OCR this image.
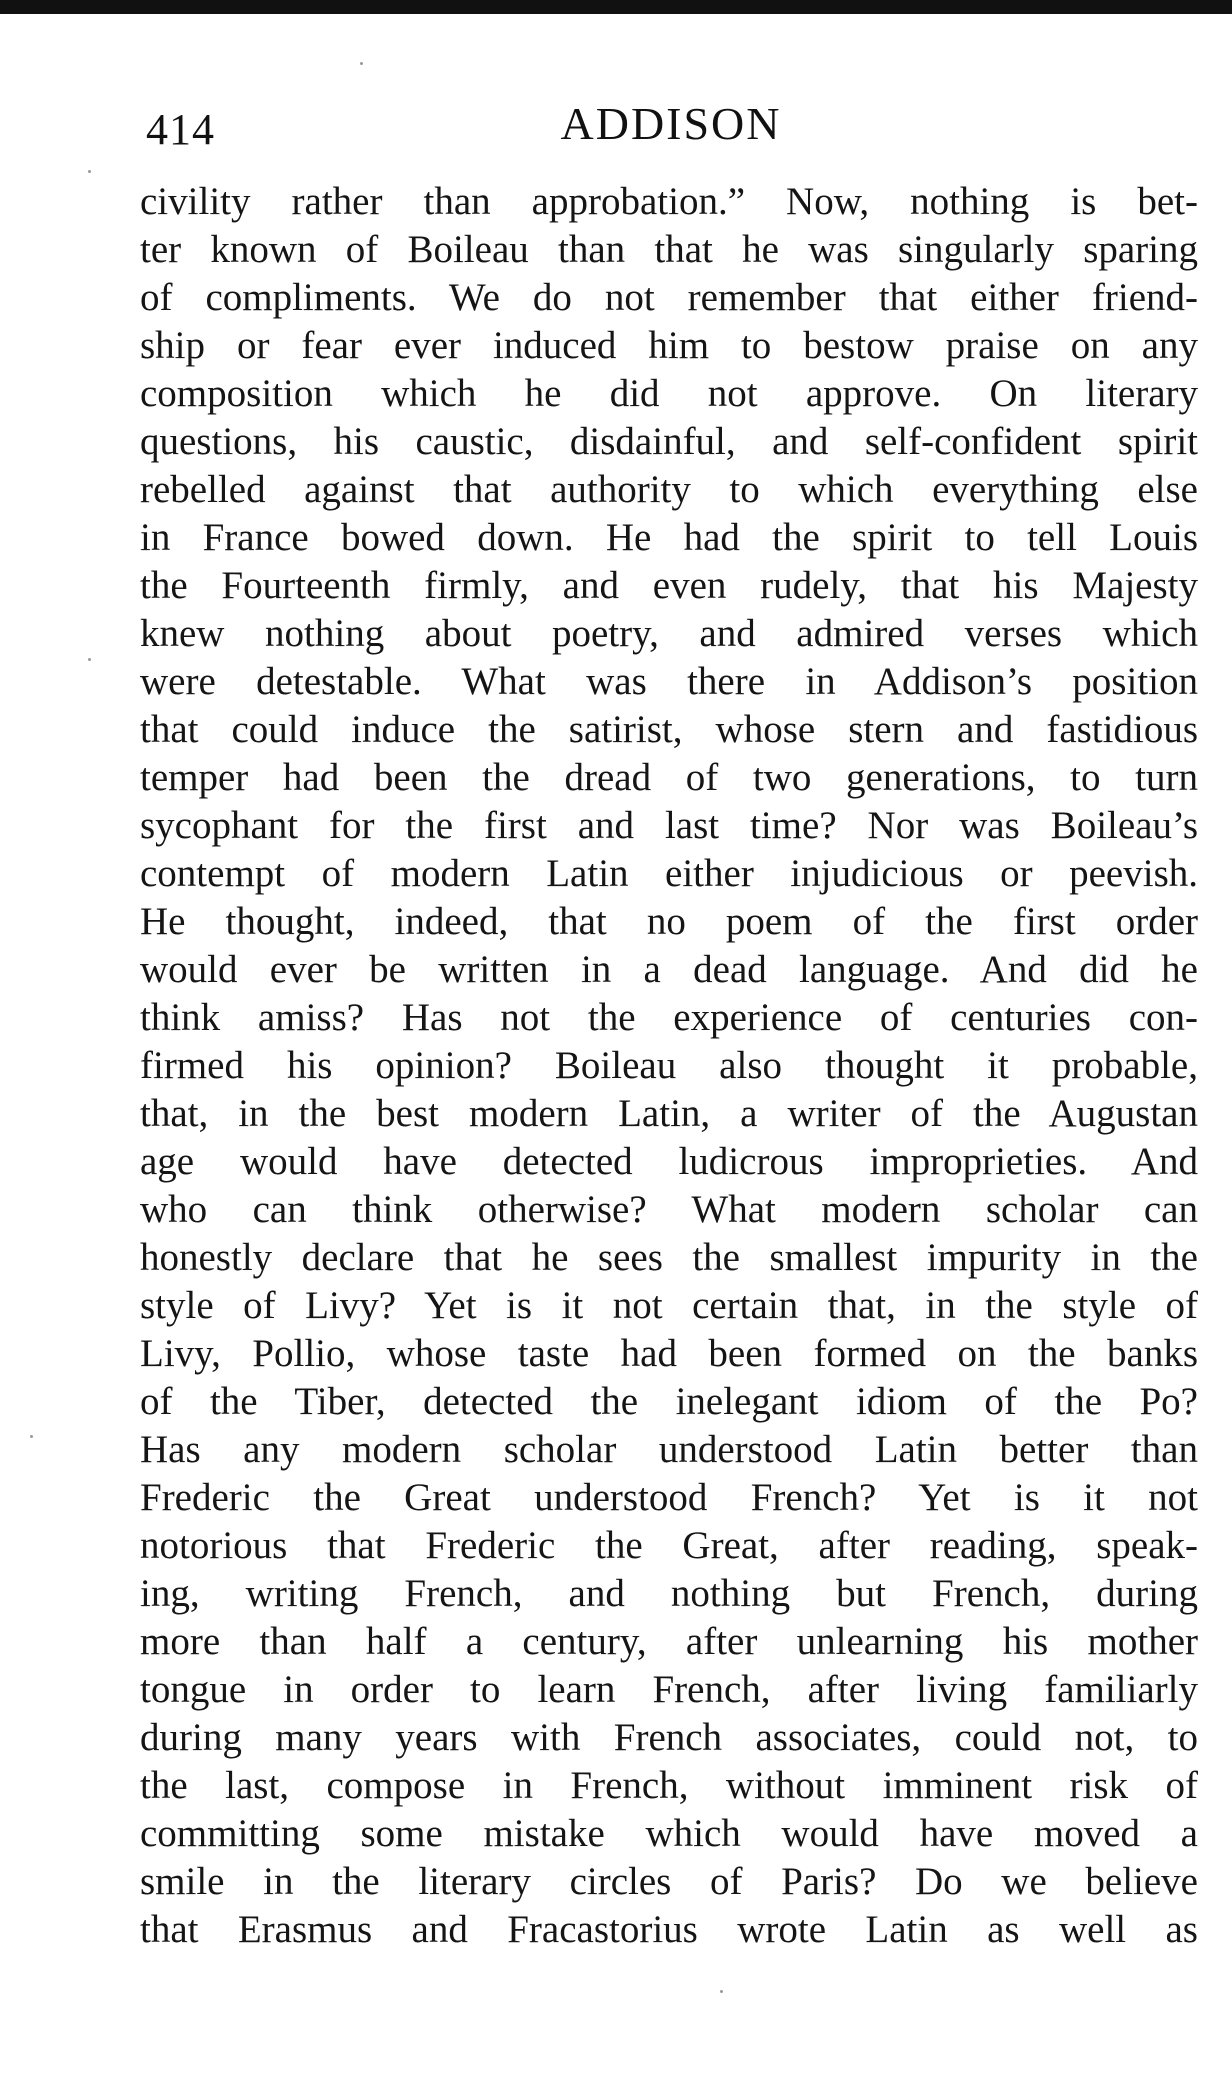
414	ADDISON
civility rather than approbation.” Now, nothing is bet-
ter known of Boileau than that he was singularly sparing
of compliments. We do not remember that either friend-
ship or fear ever induced him to bestow praise on any
composition which he did not approve. On literary
questions, his caustic, disdainful, and self-confident spirit
rebelled against that authority to which everything else
in France bowed down. He had the spirit to tell Louis
the Fourteenth firmly, and even rudely, that his Majesty
knew nothing about poetry, and admired verses which
were detestable. What was there in Addison’s position
that could induce the satirist, whose stern and fastidious
temper had been the dread of two generations, to turn
sycophant for the first and last time? Nor was Boileau’s
contempt of modern Latin either injudicious or peevish.
He thought, indeed, that no poem of the first order
would ever be written in a dead language. And did he
think amiss? Has not the experience of centuries con-
firmed his opinion? Boileau also thought it probable,
that, in the best modern Latin, a writer of the Augustan
age would have detected ludicrous improprieties. And
who can think otherwise? What modern scholar can
honestly declare that he sees the smallest impurity in the
style of Livy? Yet is it not certain that, in the style of
Livy, Pollio, whose taste had been formed on the banks
of the Tiber, detected the inelegant idiom of the Po?
Has any modern scholar understood Latin better than
Frederic the Great understood French? Yet is it not
notorious that Frederic the Great, after reading, speak-
ing, writing French, and nothing but French, during
more than half a century, after unlearning his mother
tongue in order to learn French, after living familiarly
during many years with French associates, could not, to
the last, compose in French, without imminent risk of
committing some mistake which would have moved a
smile in the literary circles of Paris? Do we believe
that Erasmus and Fracastorius wrote Latin as well as
